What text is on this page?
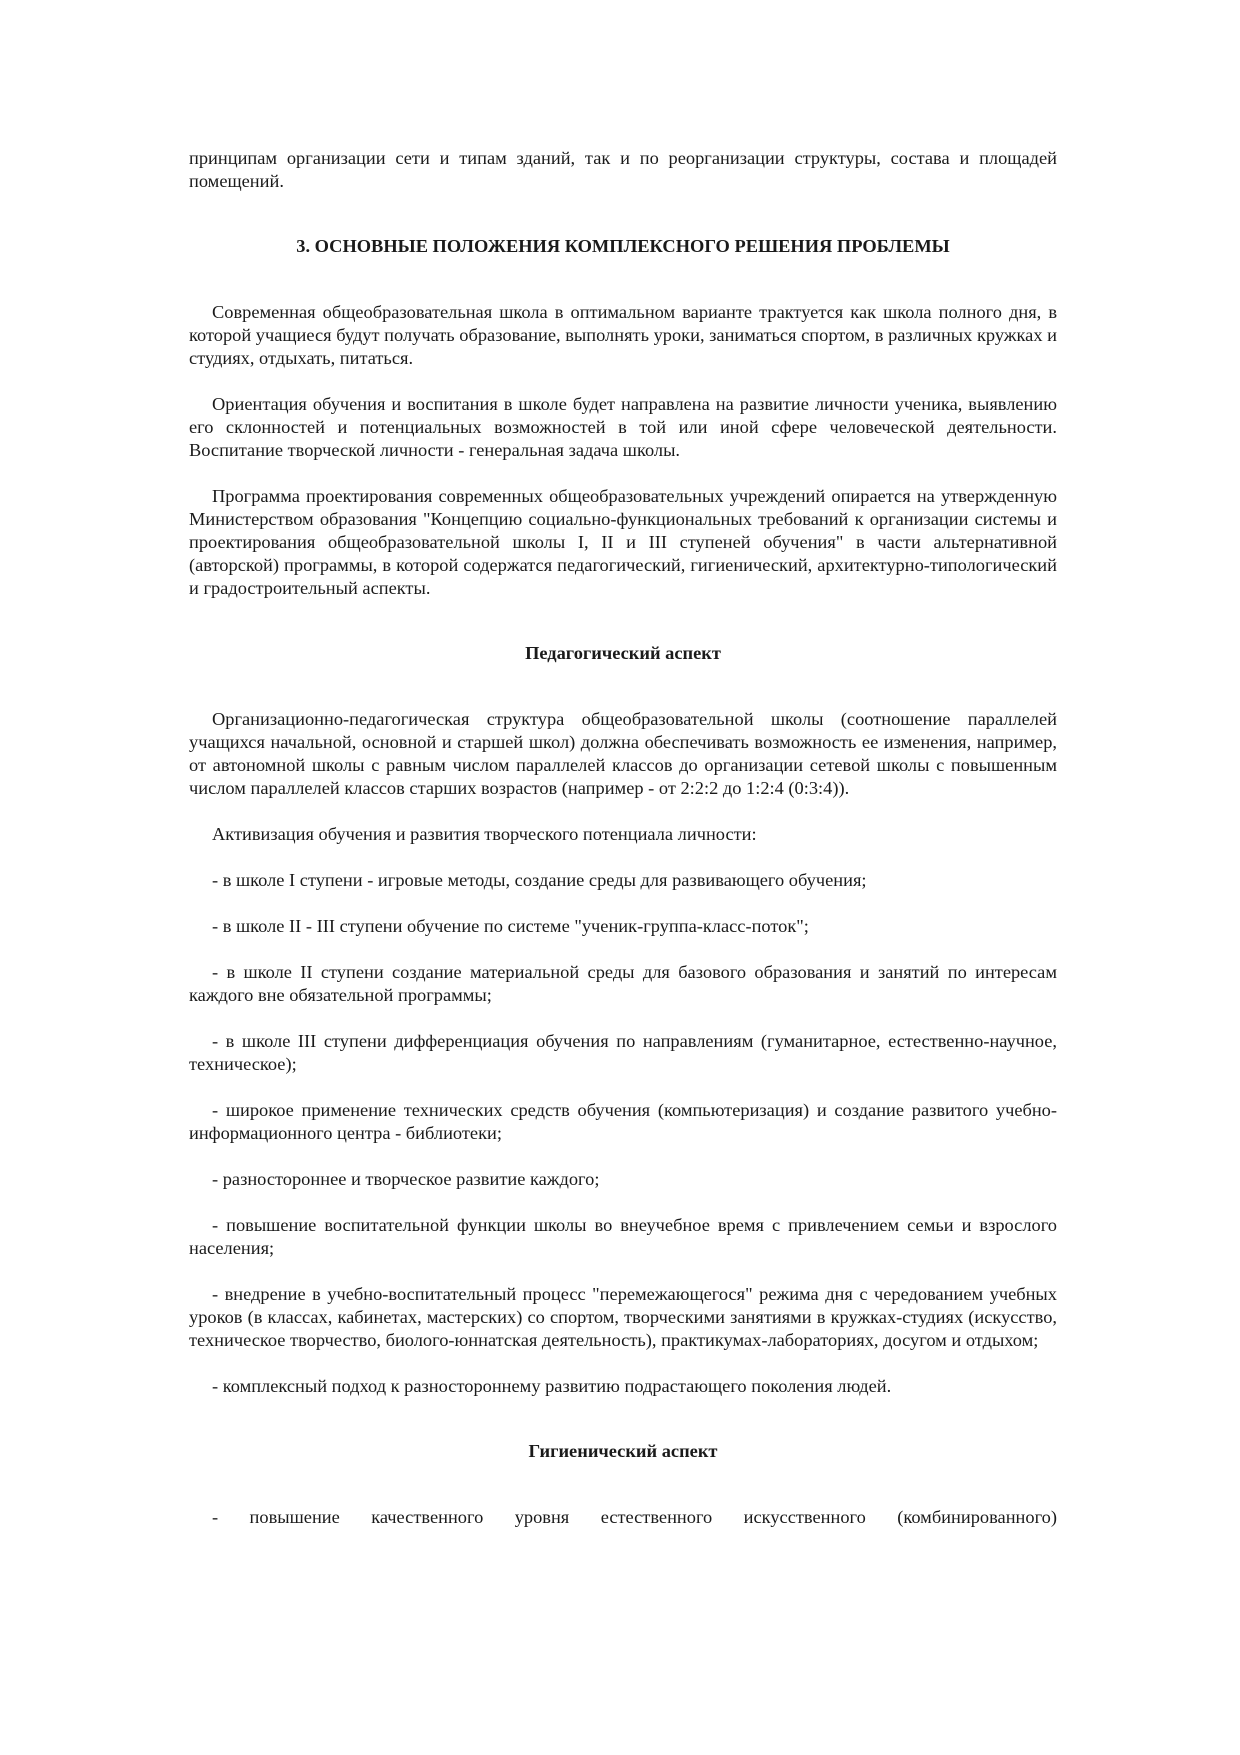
принципам организации сети и типам зданий, так и по реорганизации структуры, состава и площадей помещений.

3. ОСНОВНЫЕ ПОЛОЖЕНИЯ КОМПЛЕКСНОГО РЕШЕНИЯ ПРОБЛЕМЫ

Современная общеобразовательная школа в оптимальном варианте трактуется как школа полного дня, в которой учащиеся будут получать образование, выполнять уроки, заниматься спортом, в различных кружках и студиях, отдыхать, питаться.

Ориентация обучения и воспитания в школе будет направлена на развитие личности ученика, выявлению его склонностей и потенциальных возможностей в той или иной сфере человеческой деятельности. Воспитание творческой личности - генеральная задача школы.

Программа проектирования современных общеобразовательных учреждений опирается на утвержденную Министерством образования "Концепцию социально-функциональных требований к организации системы и проектирования общеобразовательной школы I, II и III ступеней обучения" в части альтернативной (авторской) программы, в которой содержатся педагогический, гигиенический, архитектурно-типологический и градостроительный аспекты.

Педагогический аспект

Организационно-педагогическая структура общеобразовательной школы (соотношение параллелей учащихся начальной, основной и старшей школ) должна обеспечивать возможность ее изменения, например, от автономной школы с равным числом параллелей классов до организации сетевой школы с повышенным числом параллелей классов старших возрастов (например - от 2:2:2 до 1:2:4 (0:3:4)).

Активизация обучения и развития творческого потенциала личности:

- в школе I ступени - игровые методы, создание среды для развивающего обучения;

- в школе II - III ступени обучение по системе "ученик-группа-класс-поток";

- в школе II ступени создание материальной среды для базового образования и занятий по интересам каждого вне обязательной программы;

- в школе III ступени дифференциация обучения по направлениям (гуманитарное, естественно-научное, техническое);

- широкое применение технических средств обучения (компьютеризация) и создание развитого учебно-информационного центра - библиотеки;

- разностороннее и творческое развитие каждого;

- повышение воспитательной функции школы во внеучебное время с привлечением семьи и взрослого населения;

- внедрение в учебно-воспитательный процесс "перемежающегося" режима дня с чередованием учебных уроков (в классах, кабинетах, мастерских) со спортом, творческими занятиями в кружках-студиях (искусство, техническое творчество, биолого-юннатская деятельность), практикумах-лабораториях, досугом и отдыхом;

- комплексный подход к разностороннему развитию подрастающего поколения людей.

Гигиенический аспект

- повышение качественного уровня естественного искусственного (комбинированного)
